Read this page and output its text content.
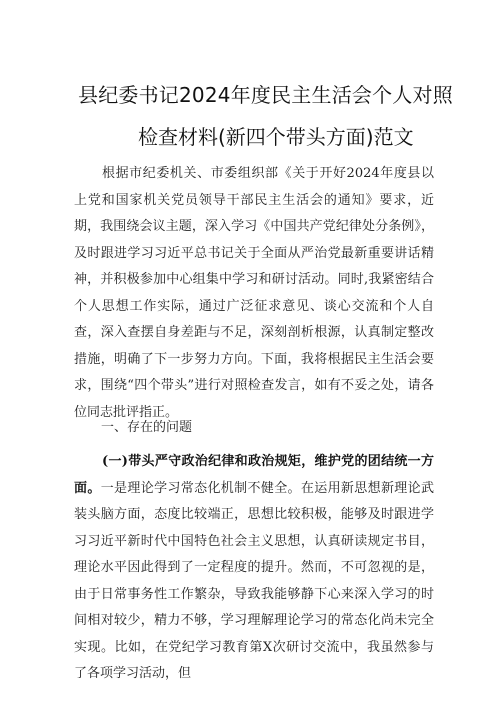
县纪委书记2024年度民主生活会个人对照
检查材料(新四个带头方面)范文

根据市纪委机关、市委组织部《关于开好2024年度县以上党和国家机关党员领导干部民主生活会的通知》要求，近期，我围绕会议主题，深入学习《中国共产党纪律处分条例》，及时跟进学习习近平总书记关于全面从严治党最新重要讲话精神，并积极参加中心组集中学习和研讨活动。同时,我紧密结合个人思想工作实际，通过广泛征求意见、谈心交流和个人自查，深入查摆自身差距与不足，深刻剖析根源，认真制定整改措施，明确了下一步努力方向。下面，我将根据民主生活会要求，围绕“四个带头”进行对照检查发言，如有不妥之处，请各位同志批评指正。

一、存在的问题

(一)带头严守政治纪律和政治规矩，维护党的团结统一方面。一是理论学习常态化机制不健全。在运用新思想新理论武装头脑方面，态度比较端正，思想比较积极，能够及时跟进学习习近平新时代中国特色社会主义思想，认真研读规定书目，理论水平因此得到了一定程度的提升。然而，不可忽视的是，由于日常事务性工作繁杂，导致我能够静下心来深入学习的时间相对较少，精力不够，学习理解理论学习的常态化尚未完全实现。比如，在党纪学习教育第X次研讨交流中，我虽然参与了各项学习活动，但
